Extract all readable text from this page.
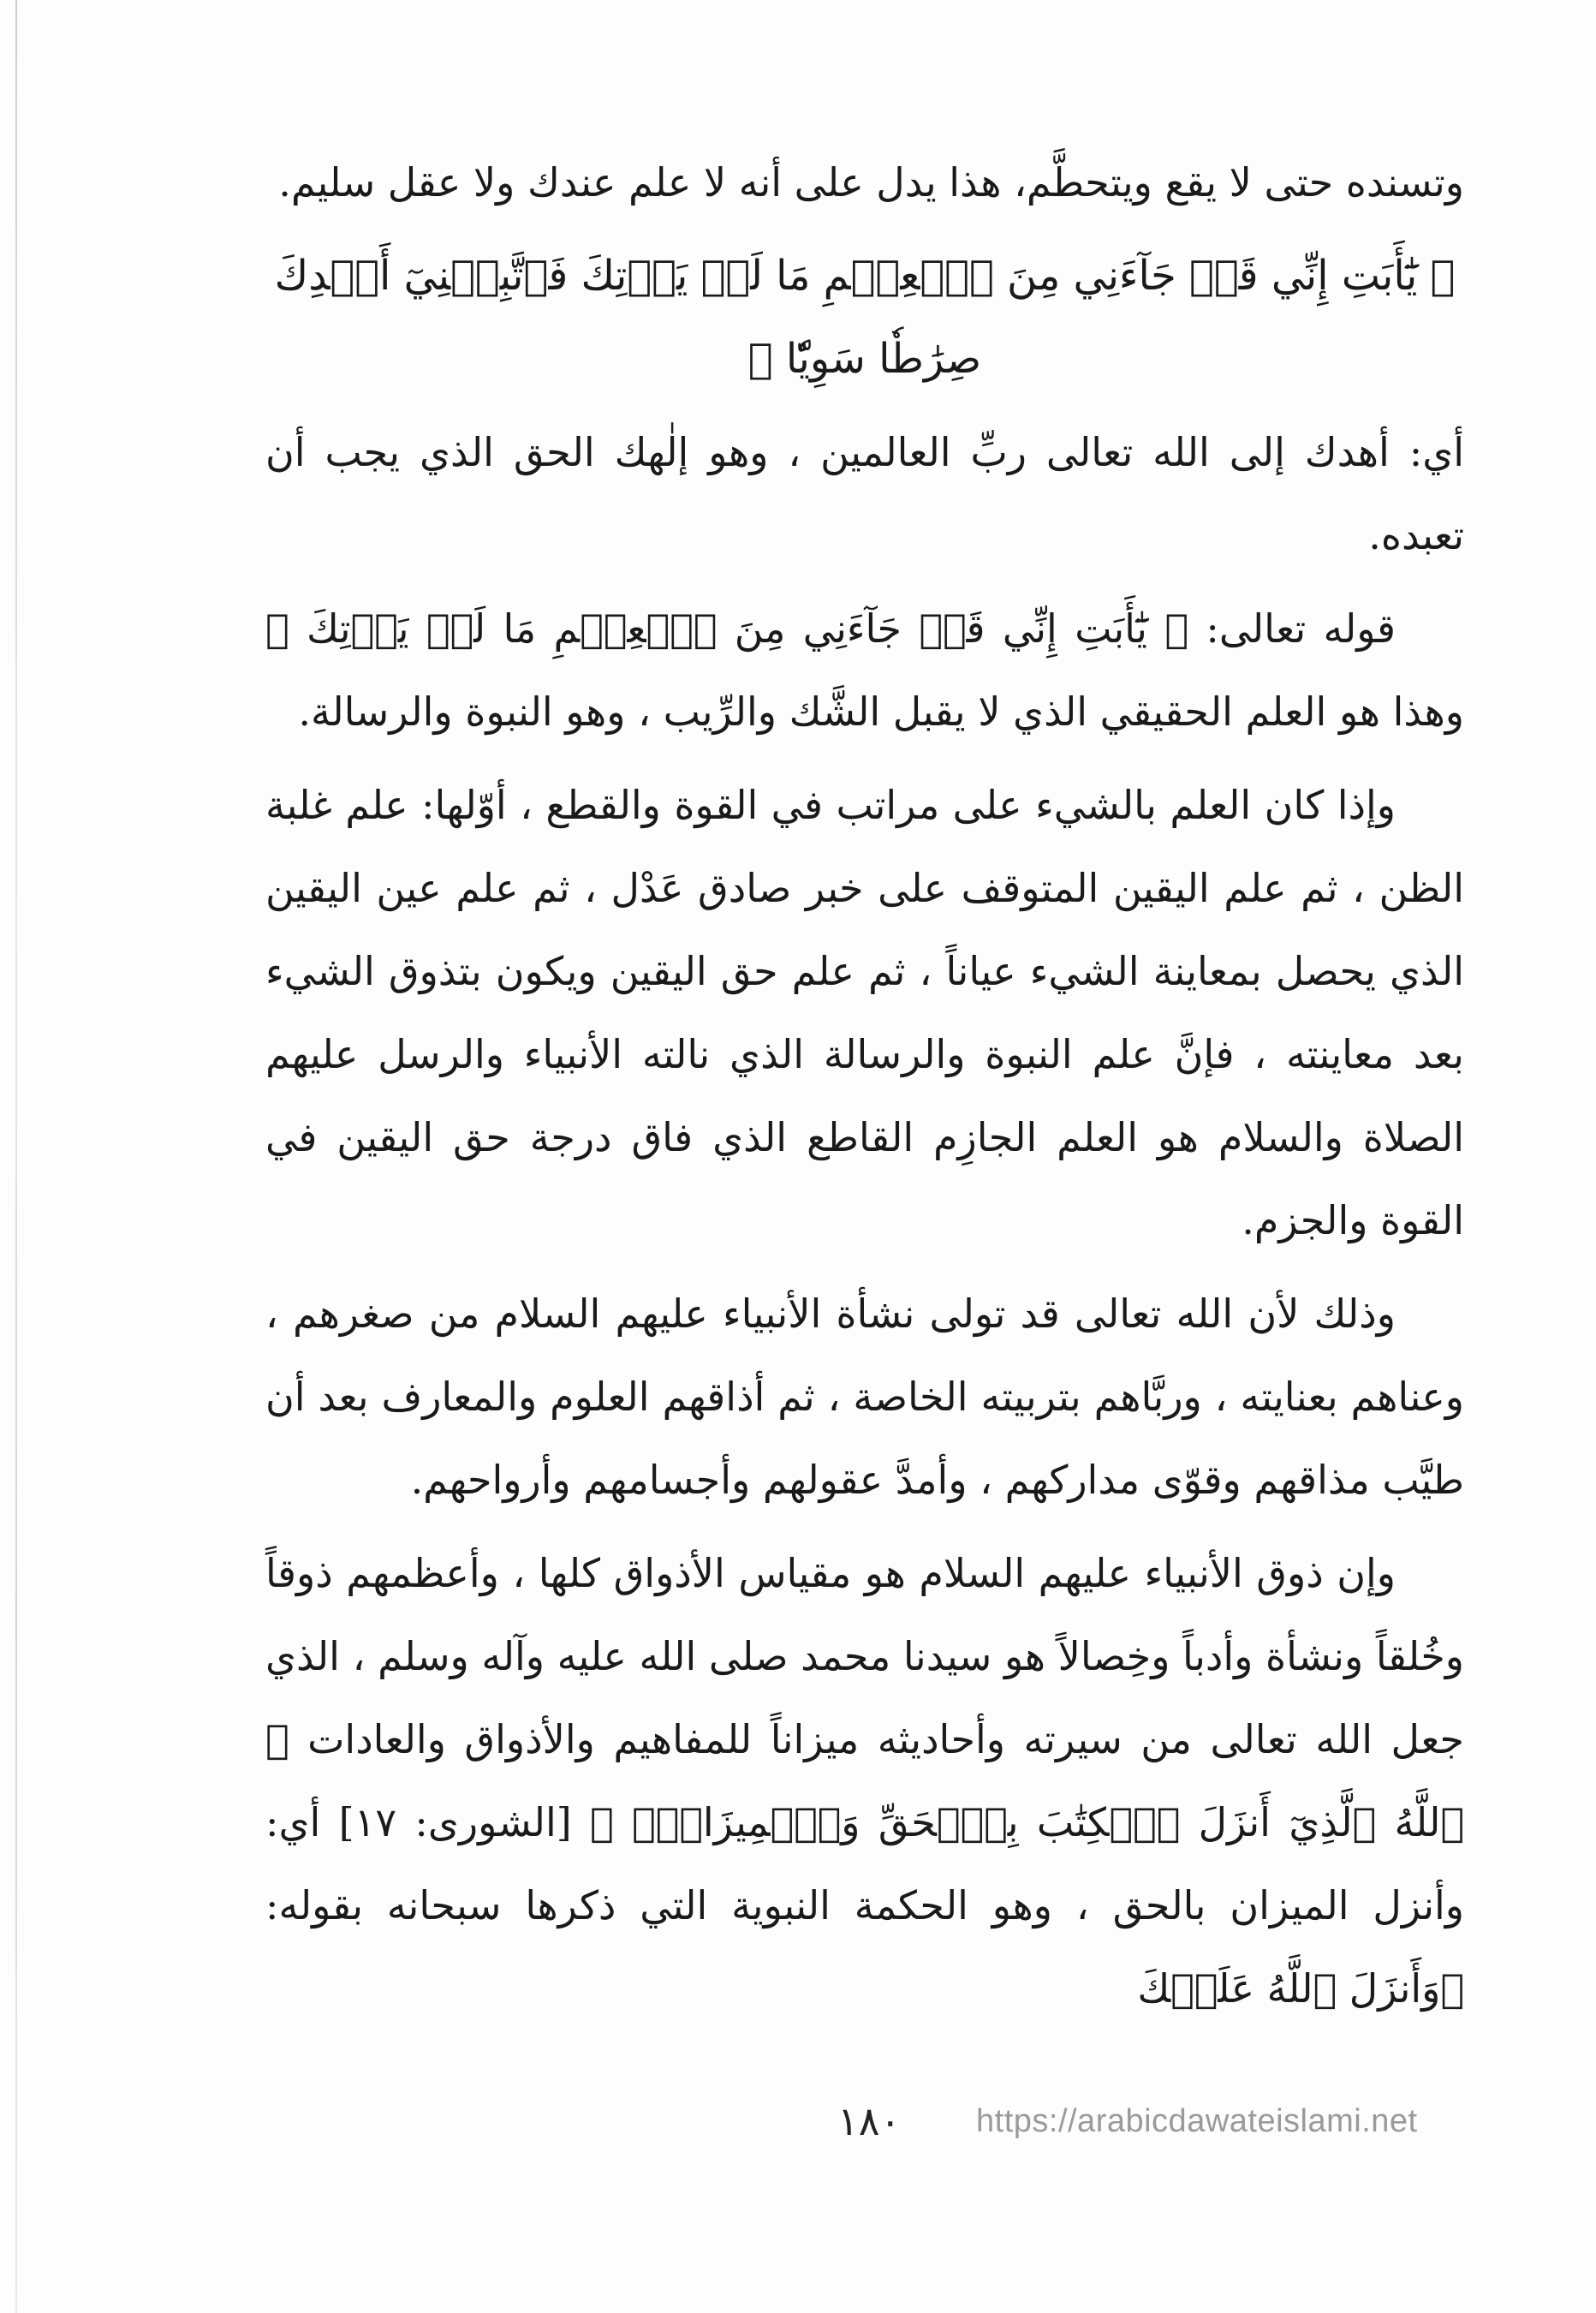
وتسنده حتى لا يقع ويتحطَّم، هذا يدل على أنه لا علم عندك ولا عقل سليم.

﴿ يَٰٓأَبَتِ إِنِّي قَدۡ جَآءَنِي مِنَ ٱلۡعِلۡمِ مَا لَمۡ يَأۡتِكَ فَٱتَّبِعۡنِيٓ أَهۡدِكَ صِرَٰطٗا سَوِيّٗا ﴾

أي: أهدك إلى الله تعالى ربِّ العالمين ، وهو إلٰهك الحق الذي يجب أن تعبده.

قوله تعالى: ﴿ يَٰٓأَبَتِ إِنِّي قَدۡ جَآءَنِي مِنَ ٱلۡعِلۡمِ مَا لَمۡ يَأۡتِكَ ﴾ وهذا هو العلم الحقيقي الذي لا يقبل الشَّك والرِّيب ، وهو النبوة والرسالة.

وإذا كان العلم بالشيء على مراتب في القوة والقطع ، أوّلها: علم غلبة الظن ، ثم علم اليقين المتوقف على خبر صادق عَدْل ، ثم علم عين اليقين الذي يحصل بمعاينة الشيء عياناً ، ثم علم حق اليقين ويكون بتذوق الشيء بعد معاينته ، فإنَّ علم النبوة والرسالة الذي نالته الأنبياء والرسل عليهم الصلاة والسلام هو العلم الجازِم القاطع الذي فاق درجة حق اليقين في القوة والجزم.

وذلك لأن الله تعالى قد تولى نشأة الأنبياء عليهم السلام من صغرهم ، وعناهم بعنايته ، وربَّاهم بتربيته الخاصة ، ثم أذاقهم العلوم والمعارف بعد أن طيَّب مذاقهم وقوّى مداركهم ، وأمدَّ عقولهم وأجسامهم وأرواحهم.

وإن ذوق الأنبياء عليهم السلام هو مقياس الأذواق كلها ، وأعظمهم ذوقاً وخُلقاً ونشأة وأدباً وخِصالاً هو سيدنا محمد صلى الله عليه وآله وسلم ، الذي جعل الله تعالى من سيرته وأحاديثه ميزاناً للمفاهيم والأذواق والعادات ﴿ ٱللَّهُ ٱلَّذِيٓ أَنزَلَ ٱلۡكِتَٰبَ بِٱلۡحَقِّ وَٱلۡمِيزَانَۗ ﴾ [الشورى: ١٧] أي: وأنزل الميزان بالحق ، وهو الحكمة النبوية التي ذكرها سبحانه بقوله: ﴿وَأَنزَلَ ٱللَّهُ عَلَيۡكَ

١٨٠ https://arabicdawateislami.net
